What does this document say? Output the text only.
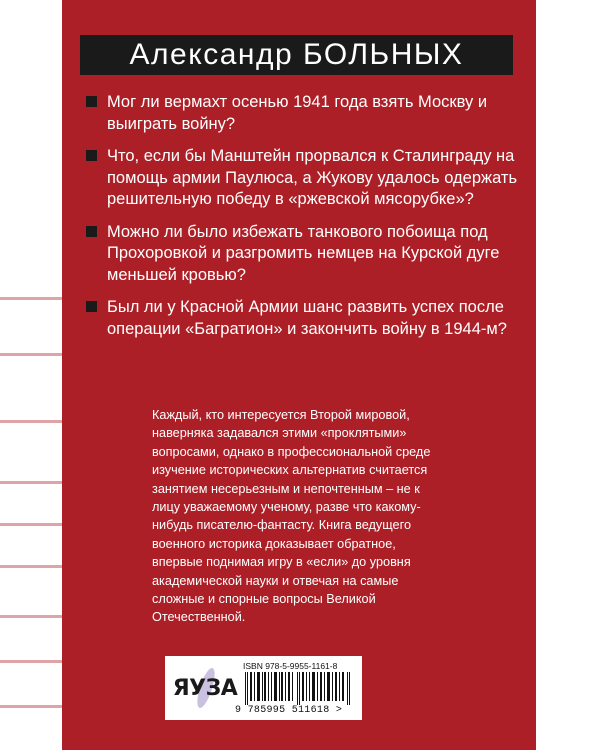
Александр БОЛЬНЫХ
Мог ли вермахт осенью 1941 года взять Москву и выиграть войну?
Что, если бы Манштейн прорвался к Сталинграду на помощь армии Паулюса, а Жукову удалось одержать решительную победу в «ржевской мясорубке»?
Можно ли было избежать танкового побоища под Прохоровкой и разгромить немцев на Курской дуге меньшей кровью?
Был ли у Красной Армии шанс развить успех после операции «Багратион» и закончить войну в 1944-м?
Каждый, кто интересуется Второй мировой, наверняка задавался этими «проклятыми» вопросами, однако в профессиональной среде изучение исторических альтернатив считается занятием несерьезным и непочтенным – не к лицу уважаемому ученому, разве что какому-нибудь писателю-фантасту. Книга ведущего военного историка доказывает обратное, впервые поднимая игру в «если» до уровня академической науки и отвечая на самые сложные и спорные вопросы Великой Отечественной.
ЯУЗА
ISBN 978-5-9955-1161-8
9 785995 511618 >
